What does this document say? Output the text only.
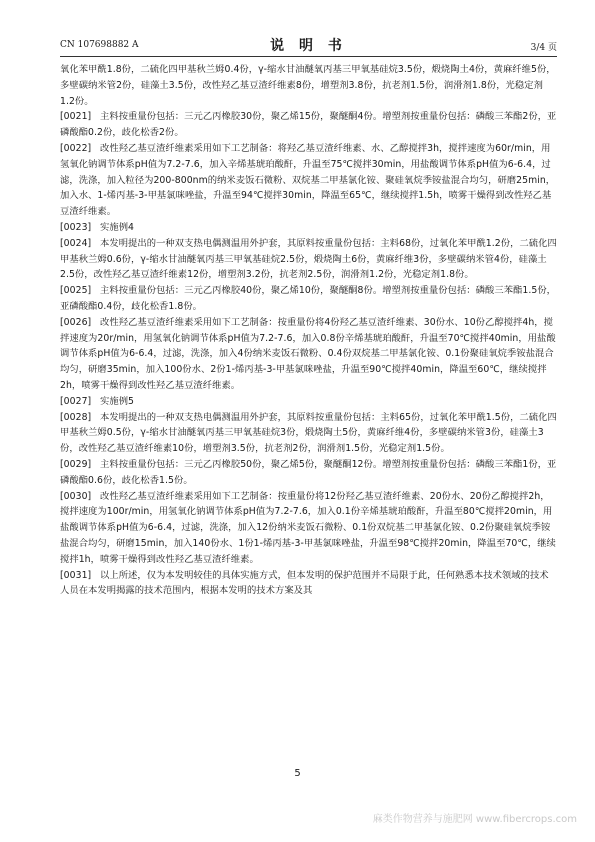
CN 107698882 A	说 明 书	3/4 页

氧化苯甲酰1.8份，二硫化四甲基秋兰姆0.4份，γ-缩水甘油醚氧丙基三甲氧基硅烷3.5份，煅烧陶土4份，黄麻纤维5份，多壁碳纳米管2份，硅藻土3.5份，改性羟乙基豆渣纤维素8份，增塑剂3.8份，抗老剂1.5份，润滑剂1.8份，光稳定剂1.2份。

[0021] 主料按重量份包括：三元乙丙橡胶30份，聚乙烯15份，聚醚酮4份。增塑剂按重量份包括：磷酸三苯酯2份，亚磷酸酯0.2份，歧化松香2份。

[0022] 改性羟乙基豆渣纤维素采用如下工艺制备：将羟乙基豆渣纤维素、水、乙醇搅拌3h，搅拌速度为60r/min，用氢氧化钠调节体系pH值为7.2-7.6，加入辛烯基琥珀酸酐，升温至75℃搅拌30min，用盐酸调节体系pH值为6-6.4，过滤，洗涤，加入粒径为200-800nm的纳米麦饭石微粉、双烷基二甲基氯化铵、聚硅氧烷季铵盐混合均匀，研磨25min，加入水、1-烯丙基-3-甲基氯咪唑盐，升温至94℃搅拌30min，降温至65℃，继续搅拌1.5h，喷雾干燥得到改性羟乙基豆渣纤维素。

[0023] 实施例4

[0024] 本发明提出的一种双支热电偶测温用外护套，其原料按重量份包括：主料68份，过氧化苯甲酰1.2份，二硫化四甲基秋兰姆0.6份，γ-缩水甘油醚氧丙基三甲氧基硅烷2.5份，煅烧陶土6份，黄麻纤维3份，多壁碳纳米管4份，硅藻土2.5份，改性羟乙基豆渣纤维素12份，增塑剂3.2份，抗老剂2.5份，润滑剂1.2份，光稳定剂1.8份。

[0025] 主料按重量份包括：三元乙丙橡胶40份，聚乙烯10份，聚醚酮8份。增塑剂按重量份包括：磷酸三苯酯1.5份，亚磷酸酯0.4份，歧化松香1.8份。

[0026] 改性羟乙基豆渣纤维素采用如下工艺制备：按重量份将4份羟乙基豆渣纤维素、30份水、10份乙醇搅拌4h，搅拌速度为20r/min，用氢氧化钠调节体系pH值为7.2-7.6，加入0.8份辛烯基琥珀酸酐，升温至70℃搅拌40min，用盐酸调节体系pH值为6-6.4，过滤，洗涤，加入4份纳米麦饭石微粉、0.4份双烷基二甲基氯化铵、0.1份聚硅氧烷季铵盐混合均匀，研磨35min，加入100份水、2份1-烯丙基-3-甲基氯咪唑盐，升温至90℃搅拌40min，降温至60℃，继续搅拌2h，喷雾干燥得到改性羟乙基豆渣纤维素。

[0027] 实施例5

[0028] 本发明提出的一种双支热电偶测温用外护套，其原料按重量份包括：主料65份，过氧化苯甲酰1.5份，二硫化四甲基秋兰姆0.5份，γ-缩水甘油醚氧丙基三甲氧基硅烷3份，煅烧陶土5份，黄麻纤维4份，多壁碳纳米管3份，硅藻土3份，改性羟乙基豆渣纤维素10份，增塑剂3.5份，抗老剂2份，润滑剂1.5份，光稳定剂1.5份。

[0029] 主料按重量份包括：三元乙丙橡胶50份，聚乙烯5份，聚醚酮12份。增塑剂按重量份包括：磷酸三苯酯1份，亚磷酸酯0.6份，歧化松香1.5份。

[0030] 改性羟乙基豆渣纤维素采用如下工艺制备：按重量份将12份羟乙基豆渣纤维素、20份水、20份乙醇搅拌2h，搅拌速度为100r/min，用氢氧化钠调节体系pH值为7.2-7.6，加入0.1份辛烯基琥珀酸酐，升温至80℃搅拌20min，用盐酸调节体系pH值为6-6.4，过滤，洗涤，加入12份纳米麦饭石微粉、0.1份双烷基二甲基氯化铵、0.2份聚硅氧烷季铵盐混合均匀，研磨15min，加入140份水、1份1-烯丙基-3-甲基氯咪唑盐，升温至98℃搅拌20min，降温至70℃，继续搅拌1h，喷雾干燥得到改性羟乙基豆渣纤维素。

[0031] 以上所述，仅为本发明较佳的具体实施方式，但本发明的保护范围并不局限于此，任何熟悉本技术领域的技术人员在本发明揭露的技术范围内，根据本发明的技术方案及其

5
麻类作物营养与施肥网 www.fibercrops.com
